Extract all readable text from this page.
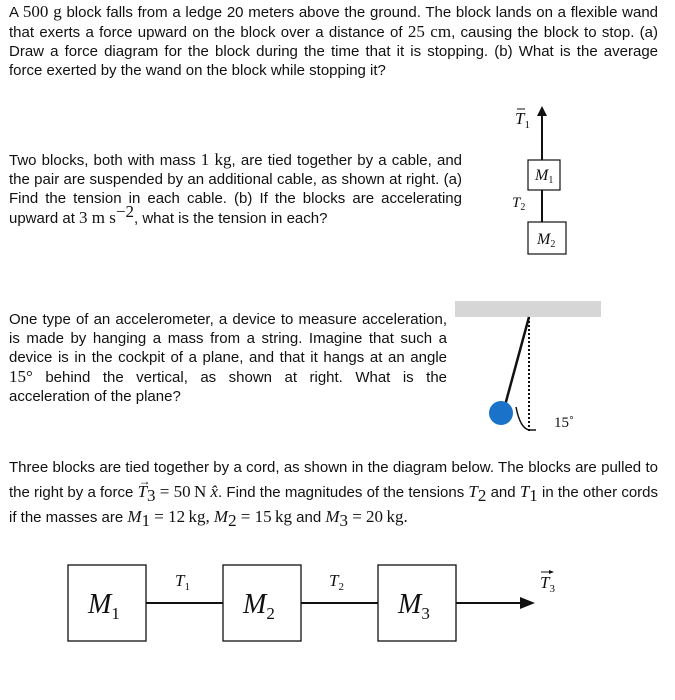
A 500 g block falls from a ledge 20 meters above the ground. The block lands on a flexible wand that exerts a force upward on the block over a distance of 25 cm, causing the block to stop. (a) Draw a force diagram for the block during the time that it is stopping. (b) What is the average force exerted by the wand on the block while stopping it?
Two blocks, both with mass 1 kg, are tied together by a cable, and the pair are suspended by an additional cable, as shown at right. (a) Find the tension in each cable. (b) If the blocks are accelerating upward at 3 m $s^{-2}$, what is the tension in each?
$T_1$
M1
$T_2$
M2
One type of an accelerometer, a device to measure acceleration, is made by hanging a mass from a string. Imagine that such a device is in the cockpit of a plane, and that it hangs at an angle 15° behind the vertical, as shown at right. What is the acceleration of the plane?
15˚
Three blocks are tied together by a cord, as shown in the diagram below. The blocks are pulled to the right by a force → $T_3 = 50$ N x̂. Find the magnitudes of the tensions $T_2$ and $T_1$ in the other cords if the masses are $M_1 = 12$ kg, $M_2 = 15$ kg and $M_3 = 20$ kg.
$M_1$
$T_1$
$M_2$
$T_2$
$M_3$
$T_3$
